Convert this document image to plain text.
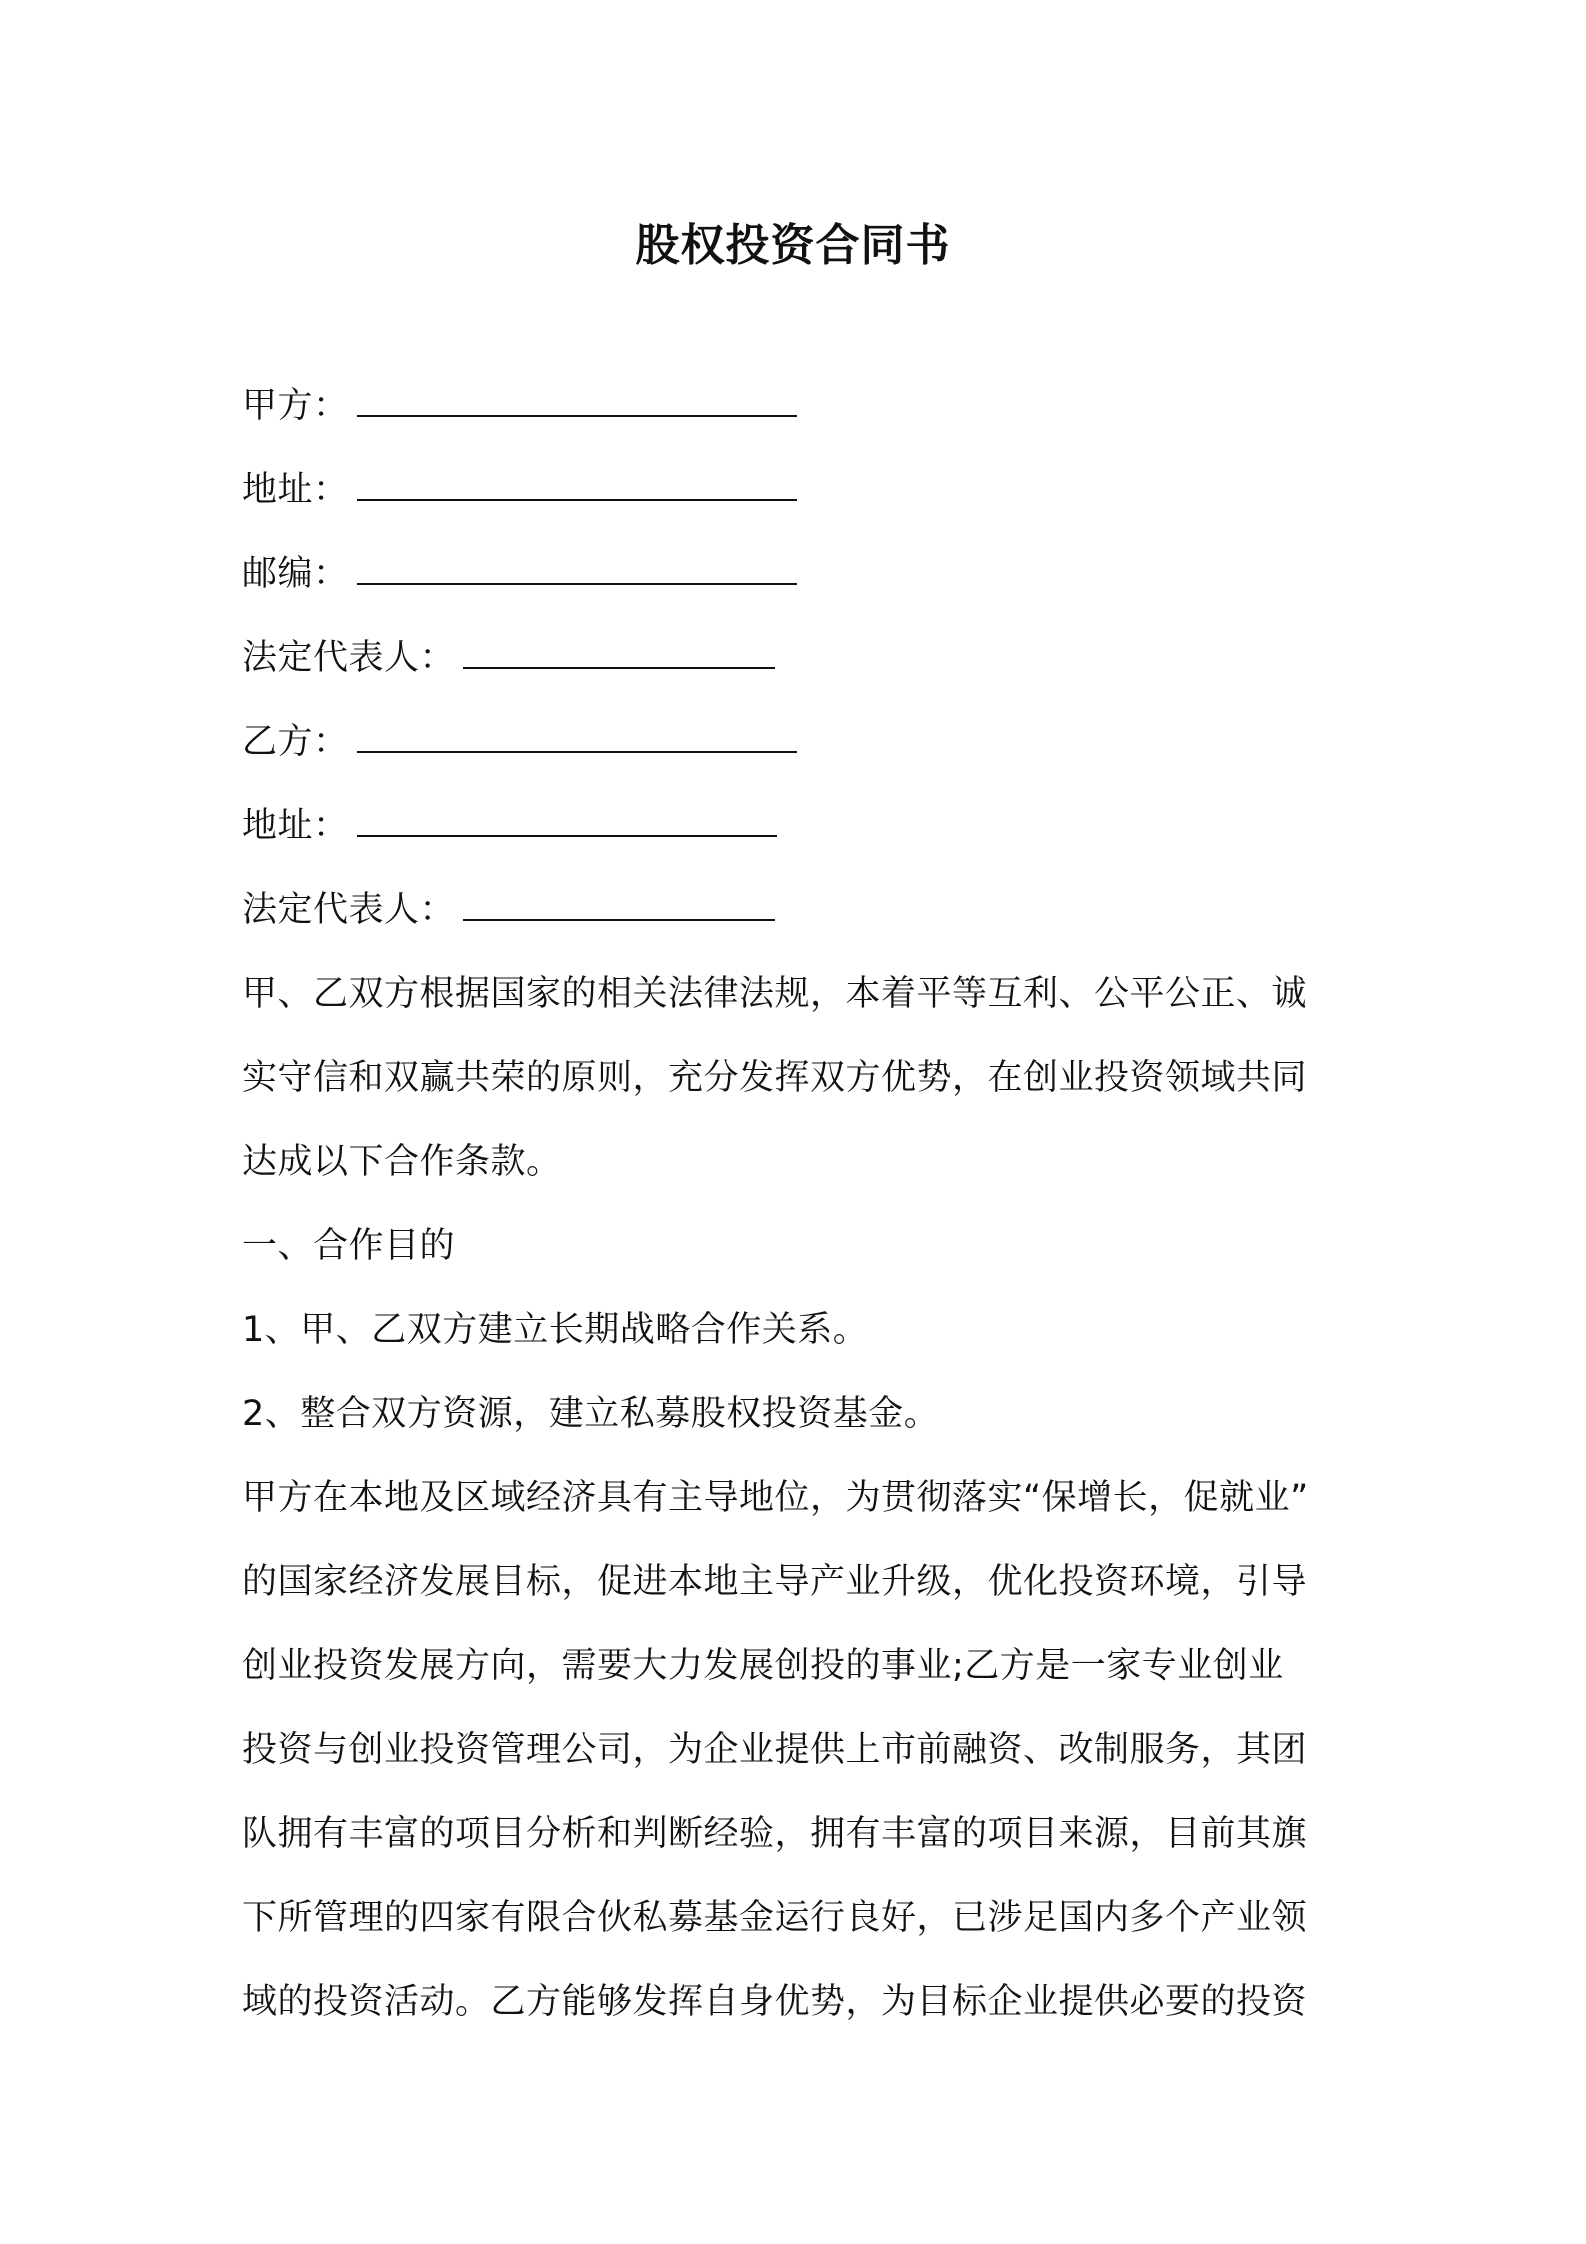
股权投资合同书
甲方：
地址：
邮编：
法定代表人：
乙方：
地址：
法定代表人：
甲、乙双方根据国家的相关法律法规，本着平等互利、公平公正、诚
实守信和双赢共荣的原则，充分发挥双方优势，在创业投资领域共同
达成以下合作条款。
一、合作目的
1、甲、乙双方建立长期战略合作关系。
2、整合双方资源，建立私募股权投资基金。
甲方在本地及区域经济具有主导地位，为贯彻落实“保增长，促就业”
的国家经济发展目标，促进本地主导产业升级，优化投资环境，引导
创业投资发展方向，需要大力发展创投的事业;乙方是一家专业创业
投资与创业投资管理公司，为企业提供上市前融资、改制服务，其团
队拥有丰富的项目分析和判断经验，拥有丰富的项目来源，目前其旗
下所管理的四家有限合伙私募基金运行良好，已涉足国内多个产业领
域的投资活动。乙方能够发挥自身优势，为目标企业提供必要的投资
